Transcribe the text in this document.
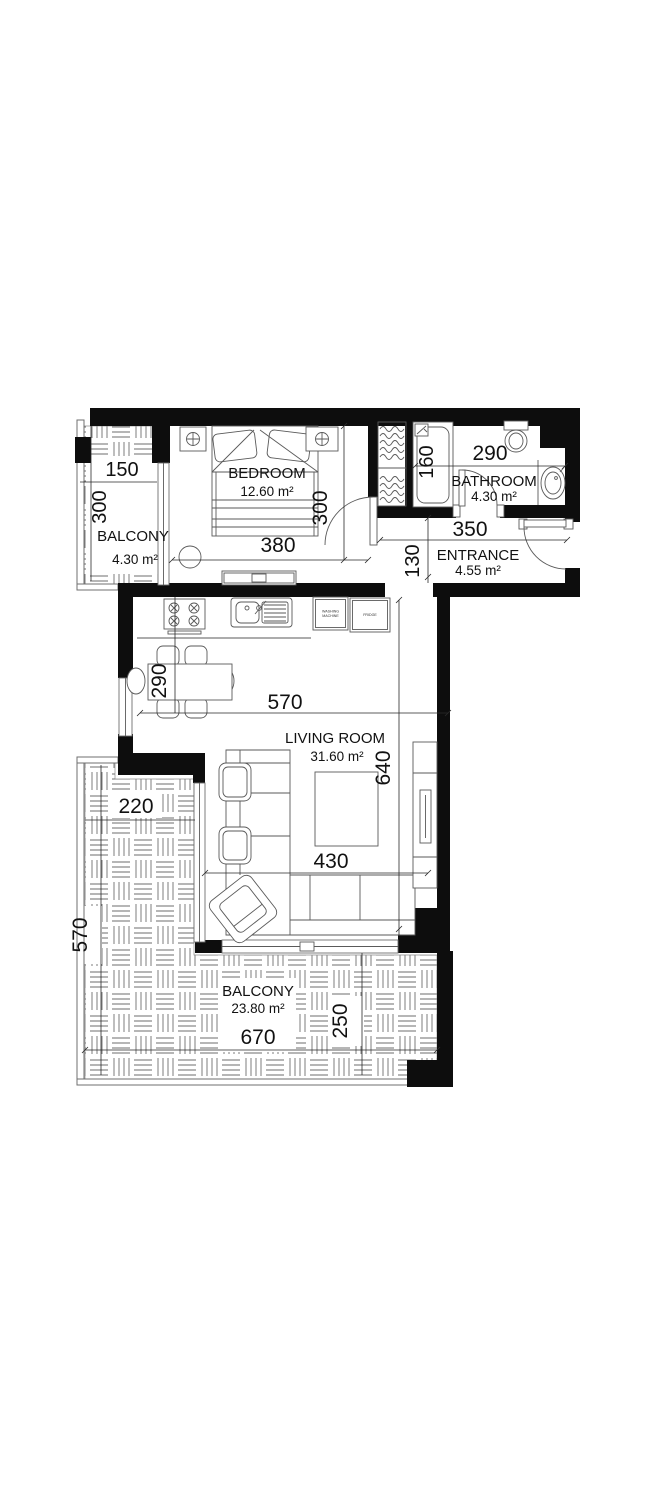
WASHING
MACHINE	FRIDGE
BEDROOM
12.60 m²
380
300
150
300
BALCONY
4.30 m²
160 290
BATHROOM
4.30 m²
350
ENTRANCE
4.55 m²
130
290
570
LIVING ROOM
31.60 m² 640
430
220
570
BALCONY
23.80 m²
670	250
